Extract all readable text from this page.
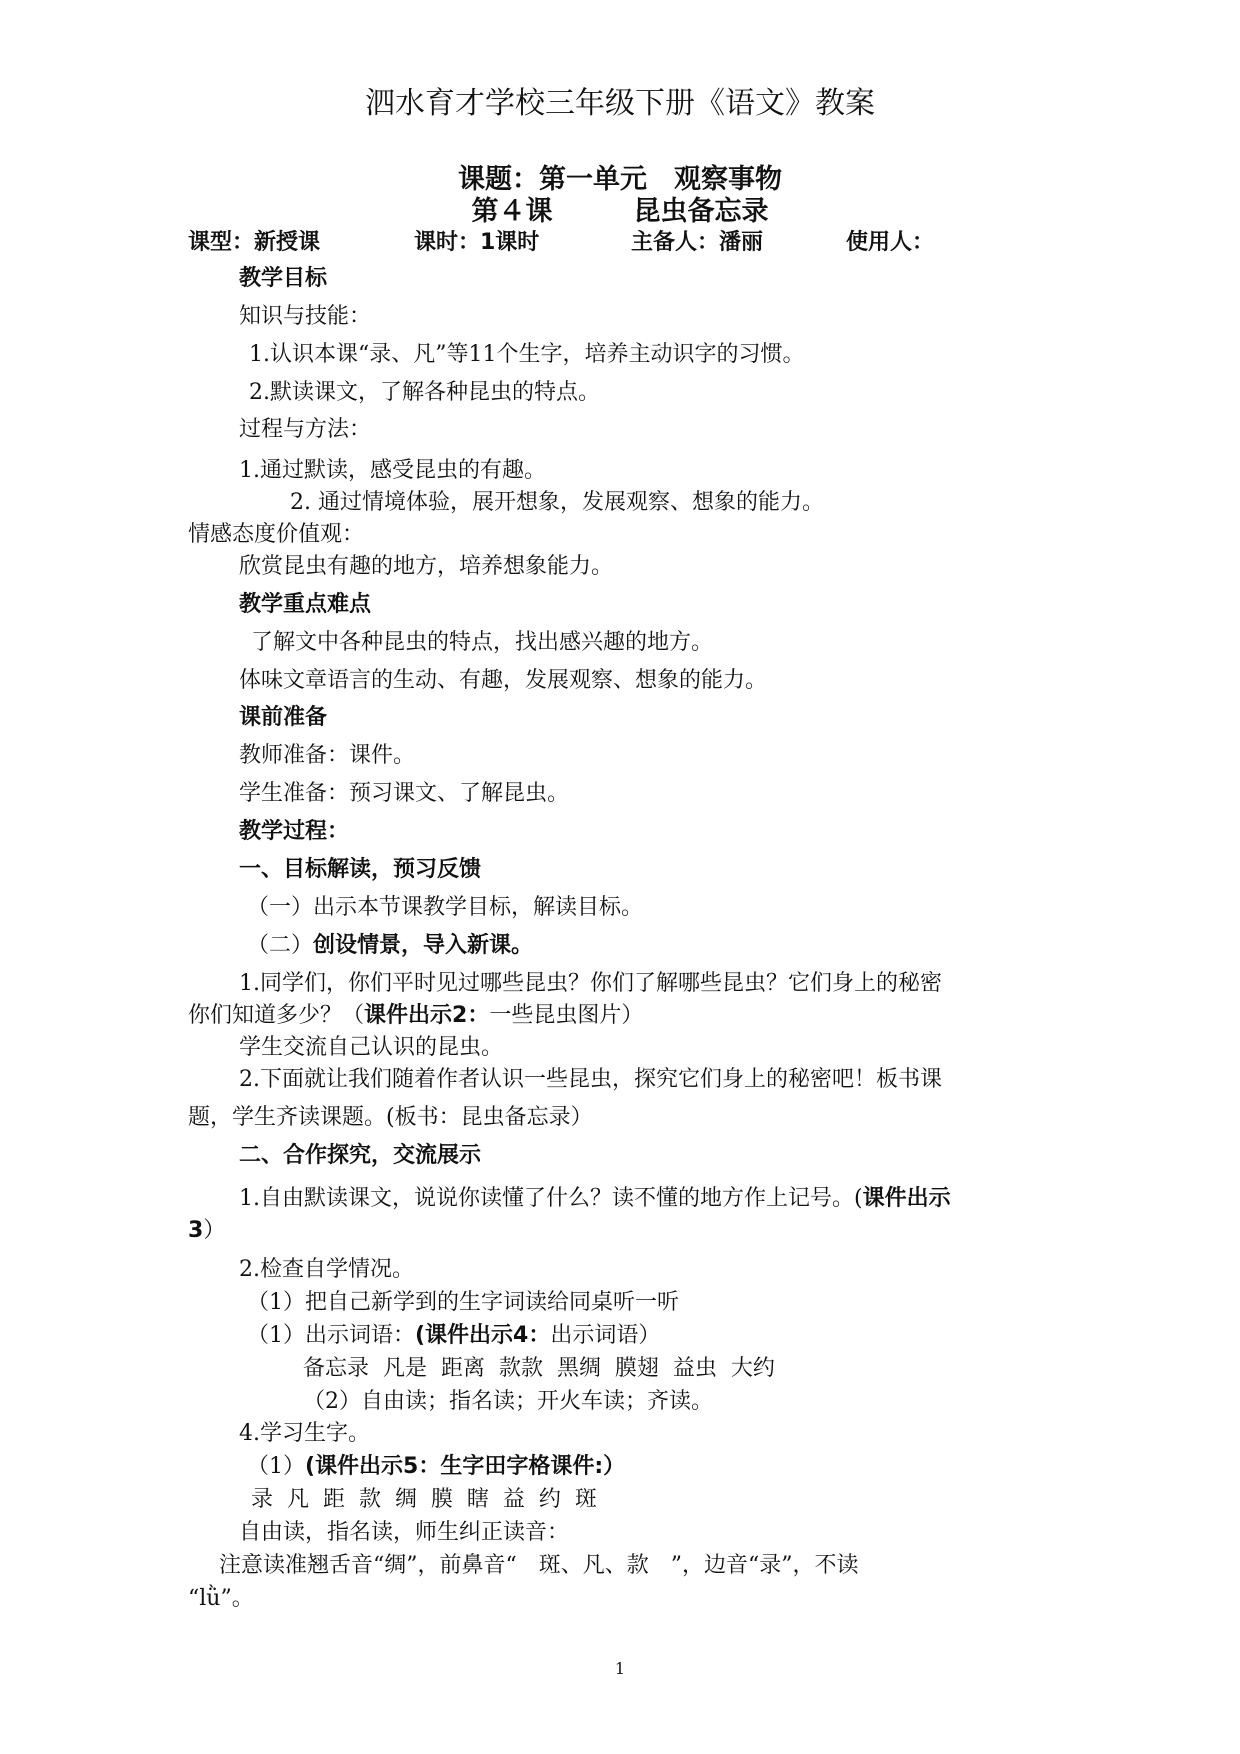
泗水育才学校三年级下册《语文》教案
课题：第一单元　观察事物
第４课　　　昆虫备忘录
课型：新授课	课时：1课时	主备人：潘丽	使用人：
教学目标
知识与技能：
1.认识本课“录、凡”等11个生字，培养主动识字的习惯。
2.默读课文，了解各种昆虫的特点。
过程与方法：
1.通过默读，感受昆虫的有趣。
2. 通过情境体验，展开想象，发展观察、想象的能力。
情感态度价值观：
欣赏昆虫有趣的地方，培养想象能力。
教学重点难点
了解文中各种昆虫的特点，找出感兴趣的地方。
体味文章语言的生动、有趣，发展观察、想象的能力。
课前准备
教师准备：课件。
学生准备：预习课文、了解昆虫。
教学过程：
一、目标解读，预习反馈
（一）出示本节课教学目标，解读目标。
（二）创设情景，导入新课。
1.同学们，你们平时见过哪些昆虫？你们了解哪些昆虫？它们身上的秘密
你们知道多少？（课件出示2：一些昆虫图片）
学生交流自己认识的昆虫。
2.下面就让我们随着作者认识一些昆虫，探究它们身上的秘密吧！板书课
题，学生齐读课题。(板书：昆虫备忘录）
二、合作探究，交流展示
1.自由默读课文，说说你读懂了什么？读不懂的地方作上记号。(课件出示
3）
2.检查自学情况。
（1）把自己新学到的生字词读给同桌听一听
（1）出示词语：(课件出示4：出示词语）
备忘录  凡是  距离  款款  黑绸  膜翅  益虫  大约
（2）自由读；指名读；开火车读；齐读。
4.学习生字。
（1）(课件出示5：生字田字格课件:）
录  凡  距  款  绸  膜  瞎  益  约  斑
自由读，指名读，师生纠正读音：
注意读准翘舌音“绸”，前鼻音“　斑、凡、款　”，边音“录”，不读
“lǜ”。
1
